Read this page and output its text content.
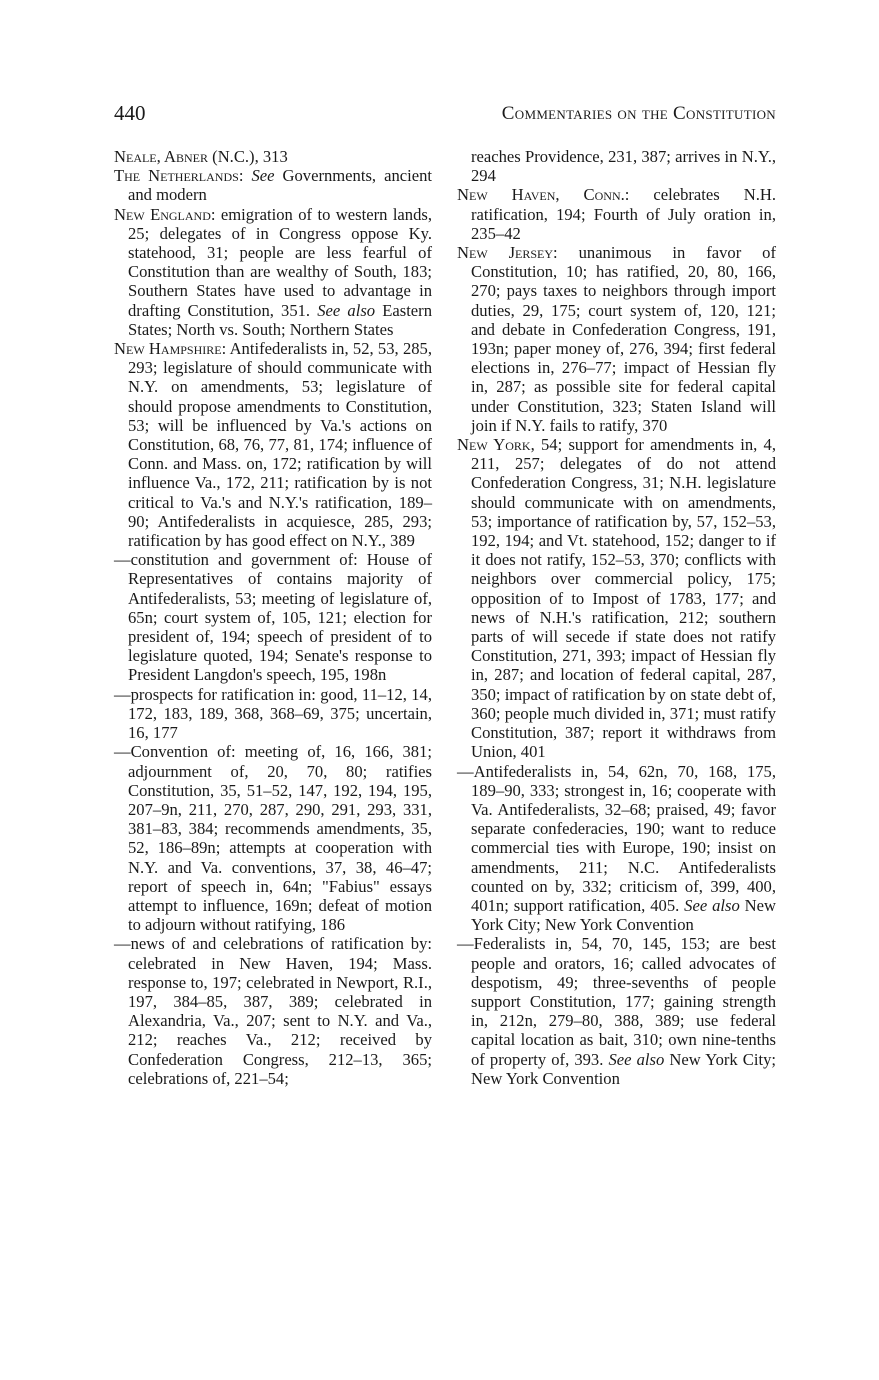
440	Commentaries on the Constitution

Neale, Abner (N.C.), 313

The Netherlands: See Governments, ancient and modern

New England: emigration of to western lands, 25; delegates of in Congress oppose Ky. statehood, 31; people are less fearful of Constitution than are wealthy of South, 183; Southern States have used to advantage in drafting Constitution, 351. See also Eastern States; North vs. South; Northern States

New Hampshire: Antifederalists in, 52, 53, 285, 293; legislature of should communicate with N.Y. on amendments, 53; legislature of should propose amendments to Constitution, 53; will be influenced by Va.'s actions on Constitution, 68, 76, 77, 81, 174; influence of Conn. and Mass. on, 172; ratification by will influence Va., 172, 211; ratification by is not critical to Va.'s and N.Y.'s ratification, 189–90; Antifederalists in acquiesce, 285, 293; ratification by has good effect on N.Y., 389

—constitution and government of: House of Representatives of contains majority of Antifederalists, 53; meeting of legislature of, 65n; court system of, 105, 121; election for president of, 194; speech of president of to legislature quoted, 194; Senate's response to President Langdon's speech, 195, 198n

—prospects for ratification in: good, 11–12, 14, 172, 183, 189, 368, 368–69, 375; uncertain, 16, 177

—Convention of: meeting of, 16, 166, 381; adjournment of, 20, 70, 80; ratifies Constitution, 35, 51–52, 147, 192, 194, 195, 207–9n, 211, 270, 287, 290, 291, 293, 331, 381–83, 384; recommends amendments, 35, 52, 186–89n; attempts at cooperation with N.Y. and Va. conventions, 37, 38, 46–47; report of speech in, 64n; "Fabius" essays attempt to influence, 169n; defeat of motion to adjourn without ratifying, 186

—news of and celebrations of ratification by: celebrated in New Haven, 194; Mass. response to, 197; celebrated in Newport, R.I., 197, 384–85, 387, 389; celebrated in Alexandria, Va., 207; sent to N.Y. and Va., 212; reaches Va., 212; received by Confederation Congress, 212–13, 365; celebrations of, 221–54;

reaches Providence, 231, 387; arrives in N.Y., 294

New Haven, Conn.: celebrates N.H. ratification, 194; Fourth of July oration in, 235–42

New Jersey: unanimous in favor of Constitution, 10; has ratified, 20, 80, 166, 270; pays taxes to neighbors through import duties, 29, 175; court system of, 120, 121; and debate in Confederation Congress, 191, 193n; paper money of, 276, 394; first federal elections in, 276–77; impact of Hessian fly in, 287; as possible site for federal capital under Constitution, 323; Staten Island will join if N.Y. fails to ratify, 370

New York, 54; support for amendments in, 4, 211, 257; delegates of do not attend Confederation Congress, 31; N.H. legislature should communicate with on amendments, 53; importance of ratification by, 57, 152–53, 192, 194; and Vt. statehood, 152; danger to if it does not ratify, 152–53, 370; conflicts with neighbors over commercial policy, 175; opposition of to Impost of 1783, 177; and news of N.H.'s ratification, 212; southern parts of will secede if state does not ratify Constitution, 271, 393; impact of Hessian fly in, 287; and location of federal capital, 287, 350; impact of ratification by on state debt of, 360; people much divided in, 371; must ratify Constitution, 387; report it withdraws from Union, 401

—Antifederalists in, 54, 62n, 70, 168, 175, 189–90, 333; strongest in, 16; cooperate with Va. Antifederalists, 32–68; praised, 49; favor separate confederacies, 190; want to reduce commercial ties with Europe, 190; insist on amendments, 211; N.C. Antifederalists counted on by, 332; criticism of, 399, 400, 401n; support ratification, 405. See also New York City; New York Convention

—Federalists in, 54, 70, 145, 153; are best people and orators, 16; called advocates of despotism, 49; three-sevenths of people support Constitution, 177; gaining strength in, 212n, 279–80, 388, 389; use federal capital location as bait, 310; own nine-tenths of property of, 393. See also New York City; New York Convention
